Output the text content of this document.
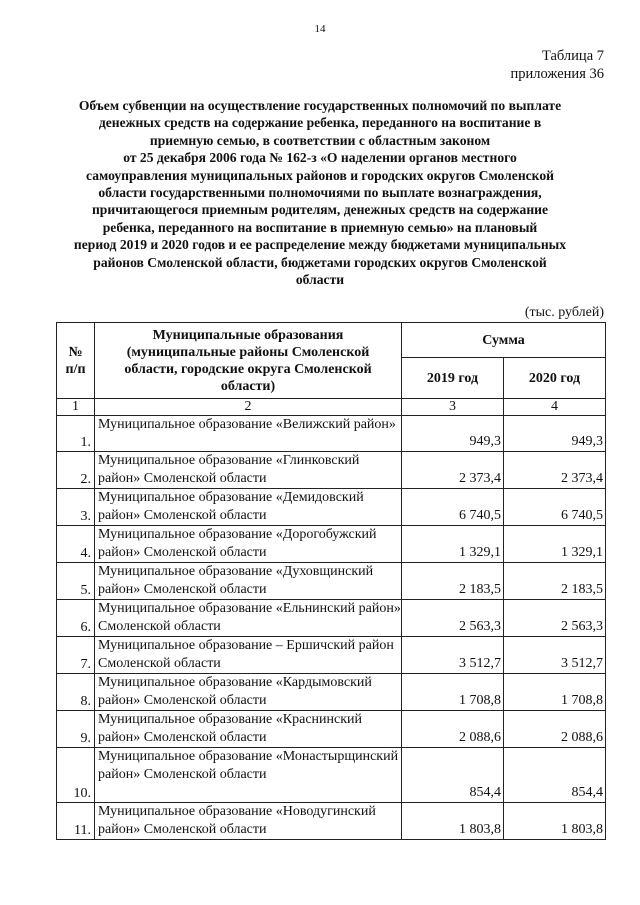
14
Таблица 7
приложения 36
Объем субвенции на осуществление государственных полномочий по выплате
денежных средств на содержание ребенка, переданного на воспитание в
приемную семью, в соответствии с областным законом
от 25 декабря 2006 года № 162-з «О наделении органов местного
самоуправления муниципальных районов и городских округов Смоленской
области государственными полномочиями по выплате вознаграждения,
причитающегося приемным родителям, денежных средств на содержание
ребенка, переданного на воспитание в приемную семью» на плановый
период 2019 и 2020 годов и ее распределение между бюджетами муниципальных
районов Смоленской области, бюджетами городских округов Смоленской
области
(тыс. рублей)
№
п/п	Муниципальные образования (муниципальные районы Смоленской области, городские округа Смоленской области)	Сумма	
		2019 год	2020 год
1	2	3	4
1.	Муниципальное образование «Велижский район»	949,3	949,3
2.	Муниципальное образование «Глинковский район» Смоленской области	2 373,4	2 373,4
3.	Муниципальное образование «Демидовский район» Смоленской области	6 740,5	6 740,5
4.	Муниципальное образование «Дорогобужский район» Смоленской области	1 329,1	1 329,1
5.	Муниципальное образование «Духовщинский район» Смоленской области	2 183,5	2 183,5
6.	Муниципальное образование «Ельнинский район» Смоленской области	2 563,3	2 563,3
7.	Муниципальное образование – Ершичский район Смоленской области	3 512,7	3 512,7
8.	Муниципальное образование «Кардымовский район» Смоленской области	1 708,8	1 708,8
9.	Муниципальное образование «Краснинский район» Смоленской области	2 088,6	2 088,6
10.	Муниципальное образование «Монастырщинский район» Смоленской области	854,4	854,4
11.	Муниципальное образование «Новодугинский район» Смоленской области	1 803,8	1 803,8
